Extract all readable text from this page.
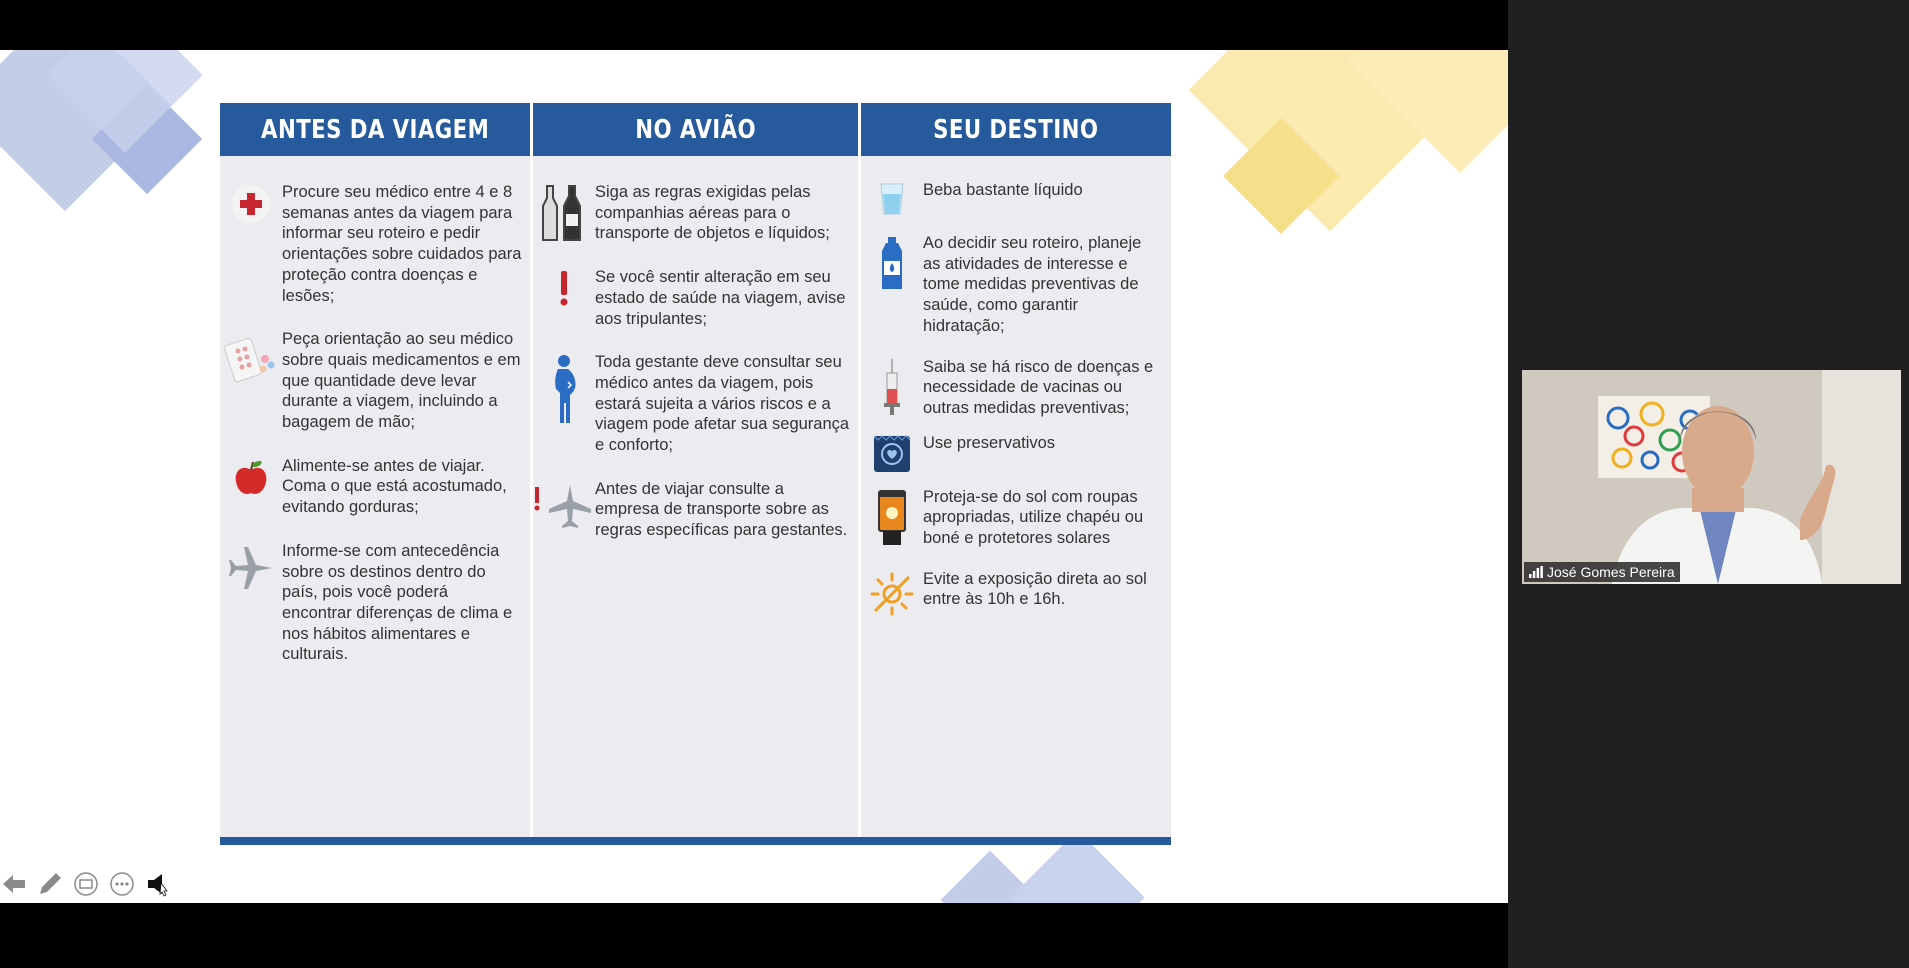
ANTES DA VIAGEM
Procure seu médico entre 4 e 8 semanas antes da viagem para informar seu roteiro e pedir orientações sobre cuidados para proteção contra doenças e lesões;
Peça orientação ao seu médico sobre quais medicamentos e em que quantidade deve levar durante a viagem, incluindo a bagagem de mão;
Alimente-se antes de viajar. Coma o que está acostumado, evitando gorduras;
Informe-se com antecedência sobre os destinos dentro do país, pois você poderá encontrar diferenças de clima e nos hábitos alimentares e culturais.
NO AVIÃO
Siga as regras exigidas pelas companhias aéreas para o transporte de objetos e líquidos;
Se você sentir alteração em seu estado de saúde na viagem, avise aos tripulantes;
Toda gestante deve consultar seu médico antes da viagem, pois estará sujeita a vários riscos e a viagem pode afetar sua segurança e conforto;
Antes de viajar consulte a empresa de transporte sobre as regras específicas para gestantes.
SEU DESTINO
Beba bastante líquido
Ao decidir seu roteiro, planeje as atividades de interesse e tome medidas preventivas de saúde, como garantir hidratação;
Saiba se há risco de doenças e necessidade de vacinas ou outras medidas preventivas;
Use preservativos
Proteja-se do sol com roupas apropriadas, utilize chapéu ou boné e protetores solares
Evite a exposição direta ao sol entre às 10h e 16h.
José Gomes Pereira
